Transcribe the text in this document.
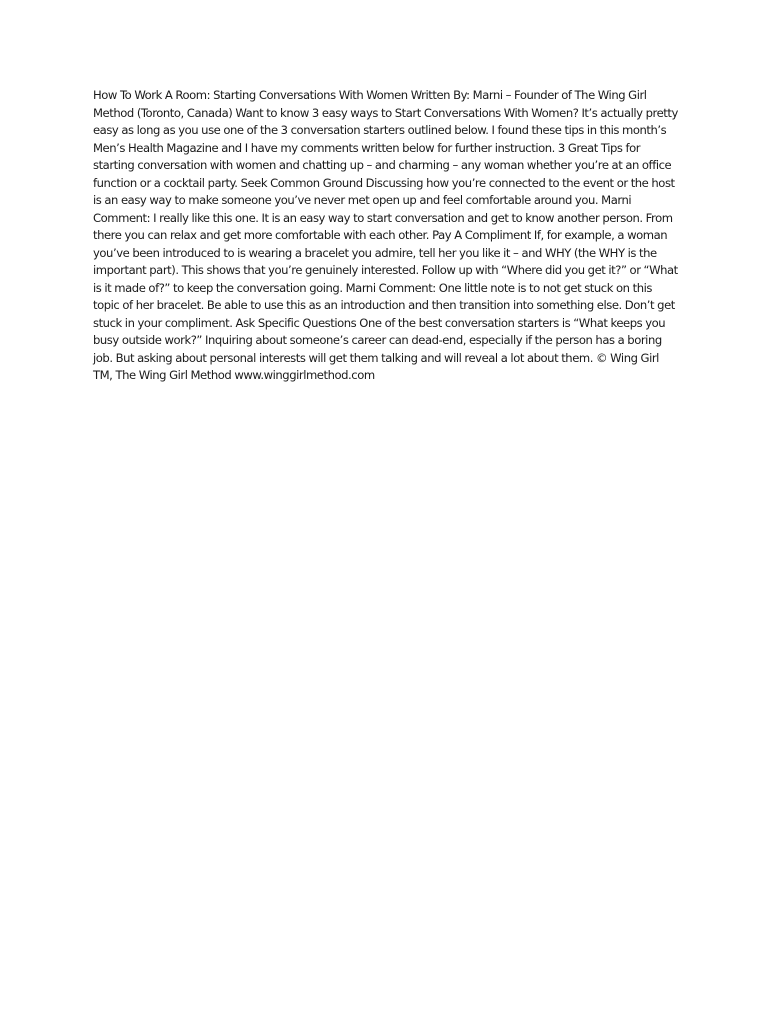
How To Work A Room: Starting Conversations With Women Written By: Marni – Founder of The Wing Girl Method (Toronto, Canada) Want to know 3 easy ways to Start Conversations With Women? It’s actually pretty easy as long as you use one of the 3 conversation starters outlined below. I found these tips in this month’s Men’s Health Magazine and I have my comments written below for further instruction. 3 Great Tips for starting conversation with women and chatting up – and charming – any woman whether you’re at an office function or a cocktail party. Seek Common Ground Discussing how you’re connected to the event or the host is an easy way to make someone you’ve never met open up and feel comfortable around you. Marni Comment: I really like this one. It is an easy way to start conversation and get to know another person. From there you can relax and get more comfortable with each other. Pay A Compliment If, for example, a woman you’ve been introduced to is wearing a bracelet you admire, tell her you like it – and WHY (the WHY is the important part). This shows that you’re genuinely interested. Follow up with “Where did you get it?” or “What is it made of?” to keep the conversation going. Marni Comment: One little note is to not get stuck on this topic of her bracelet. Be able to use this as an introduction and then transition into something else. Don’t get stuck in your compliment. Ask Specific Questions One of the best conversation starters is “What keeps you busy outside work?” Inquiring about someone’s career can dead-end, especially if the person has a boring job. But asking about personal interests will get them talking and will reveal a lot about them. © Wing Girl TM, The Wing Girl Method www.winggirlmethod.com
